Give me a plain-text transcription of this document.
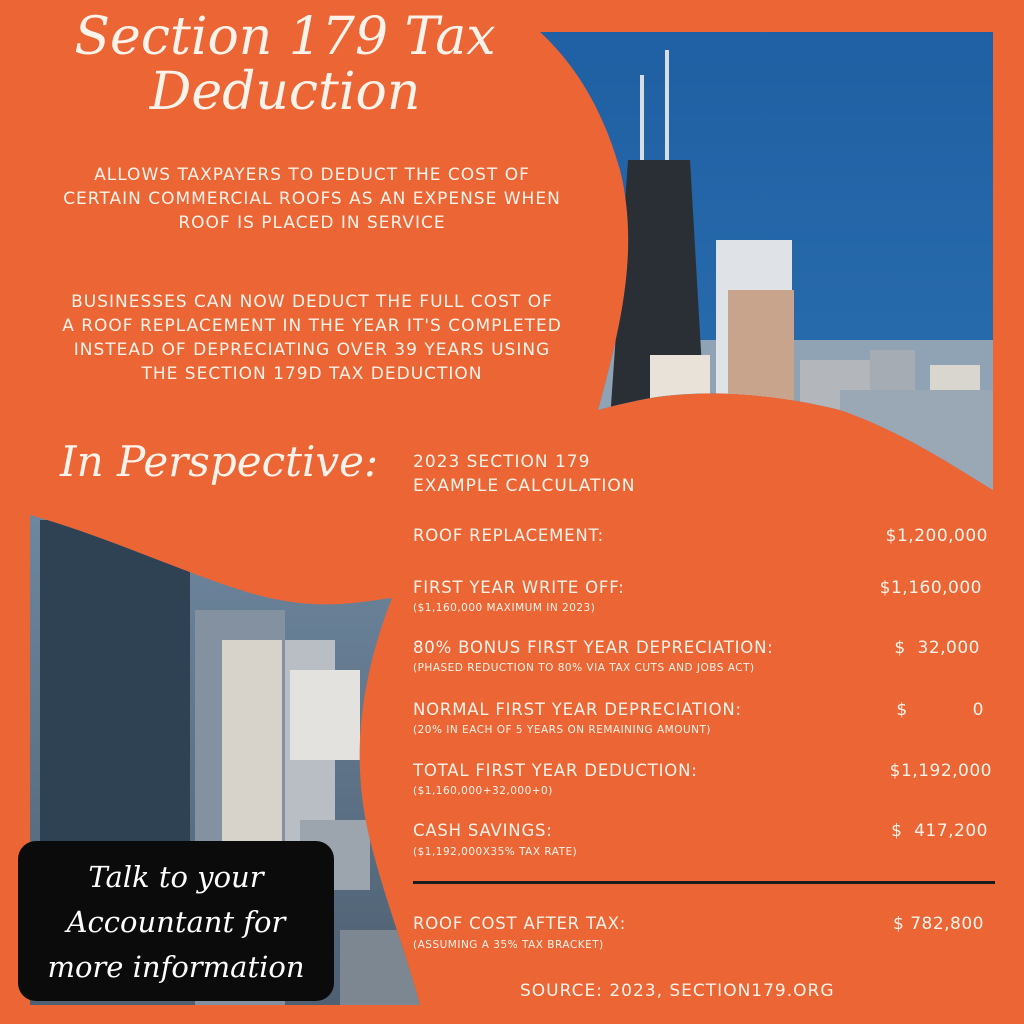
Section 179 Tax
Deduction
ALLOWS TAXPAYERS TO DEDUCT THE COST OF
CERTAIN COMMERCIAL ROOFS AS AN EXPENSE WHEN
ROOF IS PLACED IN SERVICE
BUSINESSES CAN NOW DEDUCT THE FULL COST OF
A ROOF REPLACEMENT IN THE YEAR IT'S COMPLETED
INSTEAD OF DEPRECIATING OVER 39 YEARS USING
THE SECTION 179D TAX DEDUCTION
In Perspective: 2023 SECTION 179
EXAMPLE CALCULATION
ROOF REPLACEMENT:	$1,200,000
FIRST YEAR WRITE OFF:
($1,160,000 MAXIMUM IN 2023)
$1,160,000
80% BONUS FIRST YEAR DEPRECIATION:
(PHASED REDUCTION TO 80% VIA TAX CUTS AND JOBS ACT)
$  32,000
NORMAL FIRST YEAR DEPRECIATION:
(20% IN EACH OF 5 YEARS ON REMAINING AMOUNT)
$           0
TOTAL FIRST YEAR DEDUCTION:
($1,160,000+32,000+0)
$1,192,000
CASH SAVINGS:
($1,192,000X35% TAX RATE)
$  417,200
ROOF COST AFTER TAX:
(ASSUMING A 35% TAX BRACKET)
$ 782,800
Talk to your
Accountant for
more information
SOURCE: 2023, SECTION179.ORG
